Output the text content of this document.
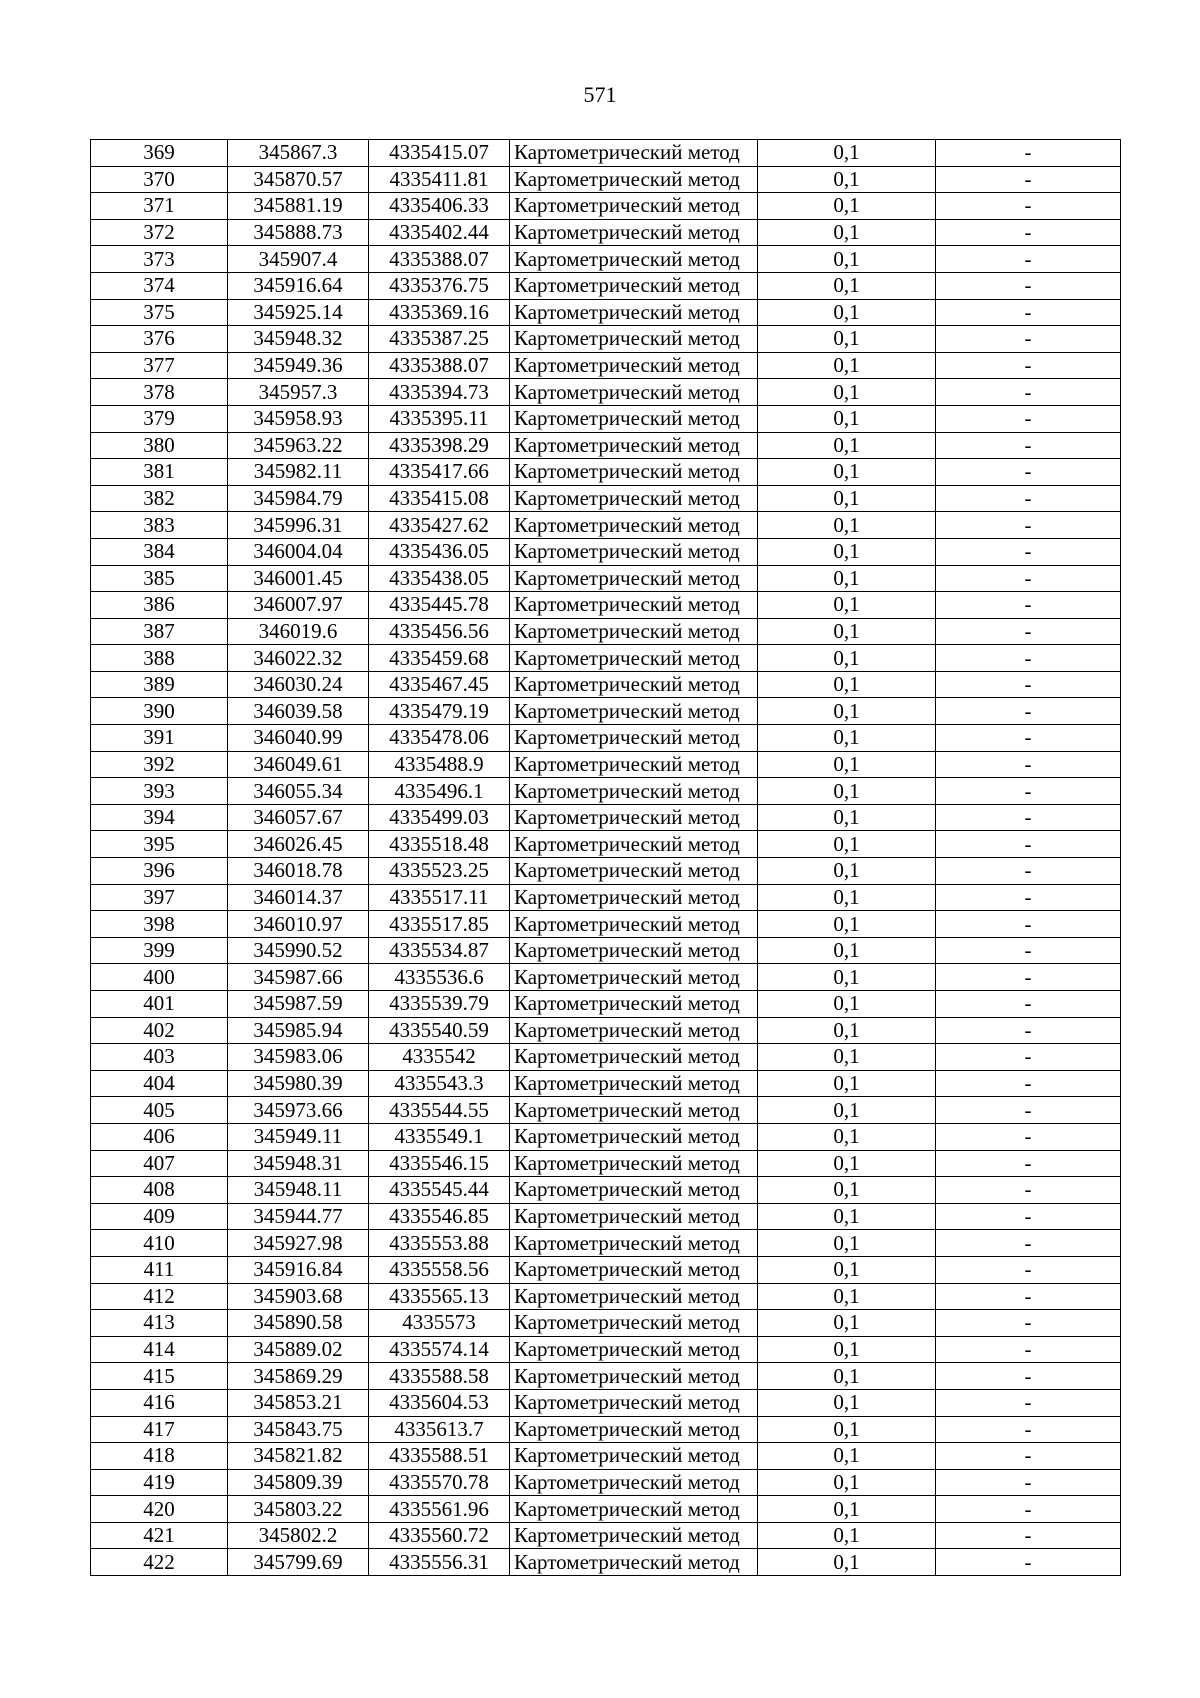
571
369	345867.3	4335415.07	Картометрический метод	0,1	-
370	345870.57	4335411.81	Картометрический метод	0,1	-
371	345881.19	4335406.33	Картометрический метод	0,1	-
372	345888.73	4335402.44	Картометрический метод	0,1	-
373	345907.4	4335388.07	Картометрический метод	0,1	-
374	345916.64	4335376.75	Картометрический метод	0,1	-
375	345925.14	4335369.16	Картометрический метод	0,1	-
376	345948.32	4335387.25	Картометрический метод	0,1	-
377	345949.36	4335388.07	Картометрический метод	0,1	-
378	345957.3	4335394.73	Картометрический метод	0,1	-
379	345958.93	4335395.11	Картометрический метод	0,1	-
380	345963.22	4335398.29	Картометрический метод	0,1	-
381	345982.11	4335417.66	Картометрический метод	0,1	-
382	345984.79	4335415.08	Картометрический метод	0,1	-
383	345996.31	4335427.62	Картометрический метод	0,1	-
384	346004.04	4335436.05	Картометрический метод	0,1	-
385	346001.45	4335438.05	Картометрический метод	0,1	-
386	346007.97	4335445.78	Картометрический метод	0,1	-
387	346019.6	4335456.56	Картометрический метод	0,1	-
388	346022.32	4335459.68	Картометрический метод	0,1	-
389	346030.24	4335467.45	Картометрический метод	0,1	-
390	346039.58	4335479.19	Картометрический метод	0,1	-
391	346040.99	4335478.06	Картометрический метод	0,1	-
392	346049.61	4335488.9	Картометрический метод	0,1	-
393	346055.34	4335496.1	Картометрический метод	0,1	-
394	346057.67	4335499.03	Картометрический метод	0,1	-
395	346026.45	4335518.48	Картометрический метод	0,1	-
396	346018.78	4335523.25	Картометрический метод	0,1	-
397	346014.37	4335517.11	Картометрический метод	0,1	-
398	346010.97	4335517.85	Картометрический метод	0,1	-
399	345990.52	4335534.87	Картометрический метод	0,1	-
400	345987.66	4335536.6	Картометрический метод	0,1	-
401	345987.59	4335539.79	Картометрический метод	0,1	-
402	345985.94	4335540.59	Картометрический метод	0,1	-
403	345983.06	4335542	Картометрический метод	0,1	-
404	345980.39	4335543.3	Картометрический метод	0,1	-
405	345973.66	4335544.55	Картометрический метод	0,1	-
406	345949.11	4335549.1	Картометрический метод	0,1	-
407	345948.31	4335546.15	Картометрический метод	0,1	-
408	345948.11	4335545.44	Картометрический метод	0,1	-
409	345944.77	4335546.85	Картометрический метод	0,1	-
410	345927.98	4335553.88	Картометрический метод	0,1	-
411	345916.84	4335558.56	Картометрический метод	0,1	-
412	345903.68	4335565.13	Картометрический метод	0,1	-
413	345890.58	4335573	Картометрический метод	0,1	-
414	345889.02	4335574.14	Картометрический метод	0,1	-
415	345869.29	4335588.58	Картометрический метод	0,1	-
416	345853.21	4335604.53	Картометрический метод	0,1	-
417	345843.75	4335613.7	Картометрический метод	0,1	-
418	345821.82	4335588.51	Картометрический метод	0,1	-
419	345809.39	4335570.78	Картометрический метод	0,1	-
420	345803.22	4335561.96	Картометрический метод	0,1	-
421	345802.2	4335560.72	Картометрический метод	0,1	-
422	345799.69	4335556.31	Картометрический метод	0,1	-
